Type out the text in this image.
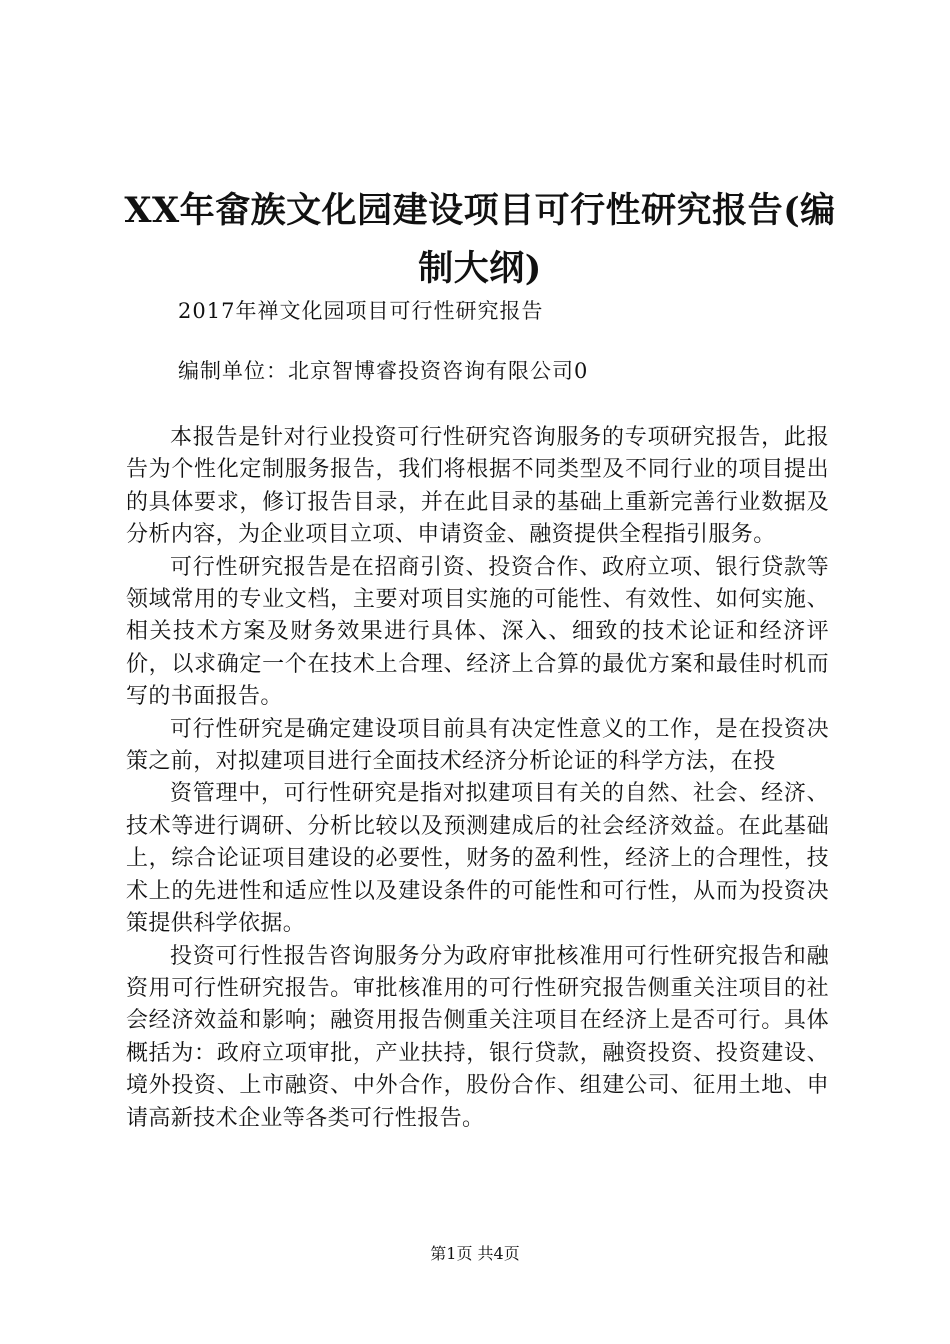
XX年畲族文化园建设项目可行性研究报告(编制大纲)

2017年禅文化园项目可行性研究报告

编制单位：北京智博睿投资咨询有限公司0

本报告是针对行业投资可行性研究咨询服务的专项研究报告，此报告为个性化定制服务报告，我们将根据不同类型及不同行业的项目提出的具体要求，修订报告目录，并在此目录的基础上重新完善行业数据及分析内容，为企业项目立项、申请资金、融资提供全程指引服务。

可行性研究报告是在招商引资、投资合作、政府立项、银行贷款等领域常用的专业文档，主要对项目实施的可能性、有效性、如何实施、相关技术方案及财务效果进行具体、深入、细致的技术论证和经济评价，以求确定一个在技术上合理、经济上合算的最优方案和最佳时机而写的书面报告。

可行性研究是确定建设项目前具有决定性意义的工作，是在投资决策之前，对拟建项目进行全面技术经济分析论证的科学方法，在投

资管理中，可行性研究是指对拟建项目有关的自然、社会、经济、技术等进行调研、分析比较以及预测建成后的社会经济效益。在此基础上，综合论证项目建设的必要性，财务的盈利性，经济上的合理性，技术上的先进性和适应性以及建设条件的可能性和可行性，从而为投资决策提供科学依据。

投资可行性报告咨询服务分为政府审批核准用可行性研究报告和融资用可行性研究报告。审批核准用的可行性研究报告侧重关注项目的社会经济效益和影响；融资用报告侧重关注项目在经济上是否可行。具体概括为：政府立项审批，产业扶持，银行贷款，融资投资、投资建设、境外投资、上市融资、中外合作，股份合作、组建公司、征用土地、申请高新技术企业等各类可行性报告。

第1页 共4页
